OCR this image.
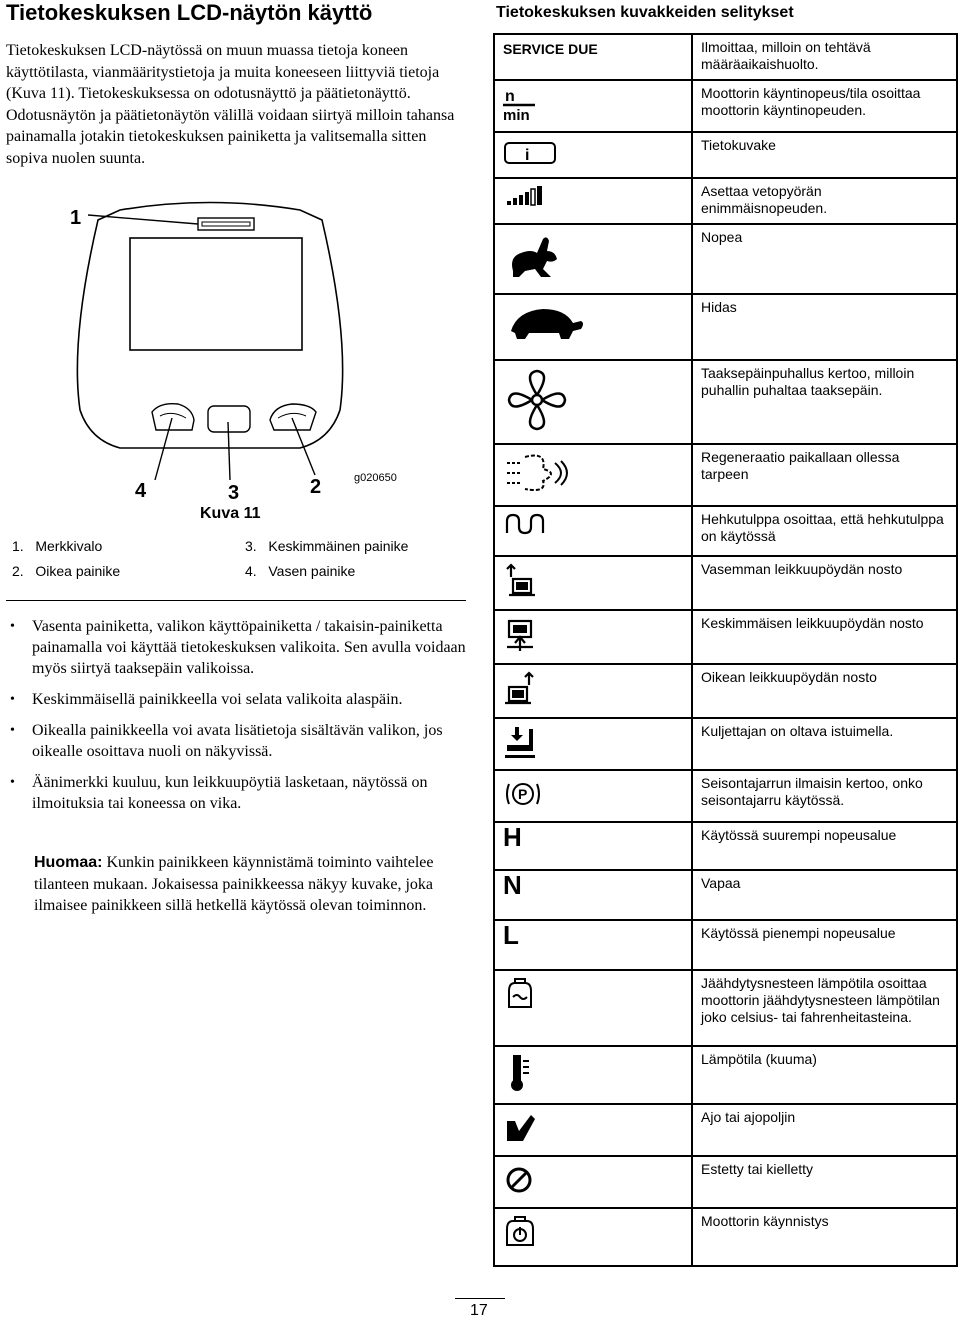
Tietokeskuksen LCD-näytön käyttö
Tietokeskuksen LCD-näytössä on muun muassa tietoja koneen käyttötilasta, vianmääritystietoja ja muita koneeseen liittyviä tietoja (Kuva 11). Tietokeskuksessa on odotusnäyttö ja päätietonäyttö. Odotusnäytön ja päätietonäytön välillä voidaan siirtyä milloin tahansa painamalla jotakin tietokeskuksen painiketta ja valitsemalla sitten sopiva nuolen suunta.
1
4	3	2	g020650
Kuva 11
1. Merkkivalo
2. Oikea painike
3. Keskimmäinen painike
4. Vasen painike
• Vasenta painiketta, valikon käyttöpainiketta / takaisin-painiketta painamalla voi käyttää tietokeskuksen valikoita. Sen avulla voidaan myös siirtyä taaksepäin valikoissa.
• Keskimmäisellä painikkeella voi selata valikoita alaspäin.
• Oikealla painikkeella voi avata lisätietoja sisältävän valikon, jos oikealle osoittava nuoli on näkyvissä.
• Äänimerkki kuuluu, kun leikkuupöytiä lasketaan, näytössä on ilmoituksia tai koneessa on vika.
Huomaa: Kunkin painikkeen käynnistämä toiminto vaihtelee tilanteen mukaan. Jokaisessa painikkeessa näkyy kuvake, joka ilmaisee painikkeen sillä hetkellä käytössä olevan toiminnon.
Tietokeskuksen kuvakkeiden selitykset
SERVICE DUE	Ilmoittaa, milloin on tehtävä määräaikaishuolto.

n
min	Moottorin käyntinopeus/tila osoittaa moottorin käyntinopeuden.

i	Tietokuvake
	Asettaa vetopyörän enimmäisnopeuden.
	Nopea
	Hidas
	Taaksepäinpuhallus kertoo, milloin puhallin puhaltaa taaksepäin.
	Regeneraatio paikallaan ollessa tarpeen
	Hehkutulppa osoittaa, että hehkutulppa on käytössä
	Vasemman leikkuupöydän nosto
	Keskimmäisen leikkuupöydän nosto
	Oikean leikkuupöydän nosto
	Kuljettajan on oltava istuimella.

P	Seisontajarrun ilmaisin kertoo, onko seisontajarru käytössä.
H	Käytössä suurempi nopeusalue
N	Vapaa
L	Käytössä pienempi nopeusalue
	Jäähdytysnesteen lämpötila osoittaa moottorin jäähdytysnesteen lämpötilan joko celsius- tai fahrenheitasteina.
	Lämpötila (kuuma)
	Ajo tai ajopoljin
	Estetty tai kielletty
	Moottorin käynnistys
17
